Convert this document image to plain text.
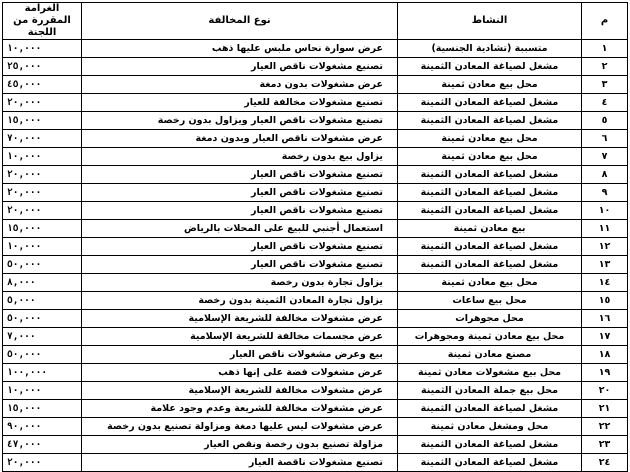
م	النشاط	نوع المخالفة	الغرامة المقررة من اللجنة
١	متسببة (تشادية الجنسية)	عرض سوارة نحاس ملبس عليها ذهب	١٠,٠٠٠
٢	مشغل لصياغة المعادن الثمينة	تصنيع مشغولات ناقص العيار	٢٥,٠٠٠
٣	محل بيع معادن ثمينة	عرض مشغولات بدون دمغة	٤٥,٠٠٠
٤	مشغل لصياغة المعادن الثمينة	تصنيع مشغولات مخالفة للعيار	٢٠,٠٠٠
٥	مشغل لصياغة المعادن الثمينة	تصنيع مشغولات ناقص العيار ويزاول بدون رخصة	١٥,٠٠٠
٦	محل بيع معادن ثمينة	عرض مشغولات ناقص العيار وبدون دمغة	٧٠,٠٠٠
٧	محل بيع معادن ثمينة	يزاول بيع بدون رخصة	١٠,٠٠٠
٨	مشغل لصياغة المعادن الثمينة	تصنيع مشغولات ناقص العيار	٢٠,٠٠٠
٩	مشغل لصياغة المعادن الثمينة	تصنيع مشغولات ناقص العيار	٢٠,٠٠٠
١٠	مشغل لصياغة المعادن الثمينة	تصنيع مشغولات ناقص العيار	٢٠,٠٠٠
١١	بيع معادن ثمينة	استعمال أجنبي للبيع على المحلات بالرياض	١٥,٠٠٠
١٢	مشغل لصياغة المعادن الثمينة	تصنيع مشغولات ناقص العيار	١٠,٠٠٠
١٣	مشغل لصياغة المعادن الثمينة	تصنيع مشغولات ناقص العيار	٥٠,٠٠٠
١٤	محل بيع معادن ثمينة	يزاول تجارة بدون رخصة	٨,٠٠٠
١٥	محل بيع ساعات	يزاول تجارة المعادن الثمينة بدون رخصة	٥,٠٠٠
١٦	محل مجوهرات	عرض مشغولات مخالفة للشريعة الإسلامية	٥٠,٠٠٠
١٧	محل بيع معادن ثمينة ومجوهرات	عرض مجسمات مخالفة للشريعة الإسلامية	٧,٠٠٠
١٨	مصنع معادن ثمينة	بيع وعرض مشغولات ناقص العيار	٥٠,٠٠٠
١٩	محل بيع مشغولات معادن ثمينة	عرض مشغولات فضة على إنها ذهب	١٠٠,٠٠٠
٢٠	محل بيع جملة المعادن الثمينة	عرض مشغولات مخالفة للشريعة الإسلامية	١٠,٠٠٠
٢١	مشغل لصياغة المعادن الثمينة	عرض مشغولات مخالفة للشريعة وعدم وجود علامة	١٥,٠٠٠
٢٢	محل ومشغل معادن ثمينة	عرض مشغولات ليس عليها دمغة ومزاولة تصنيع بدون رخصة	٩٠,٠٠٠
٢٣	مشغل لصياغة المعادن الثمينة	مزاولة تصنيع بدون رخصة ونقص العيار	٤٧,٠٠٠
٢٤	مشغل لصياغة المعادن الثمينة	تصنيع مشغولات ناقصة العيار	٢٠,٠٠٠
